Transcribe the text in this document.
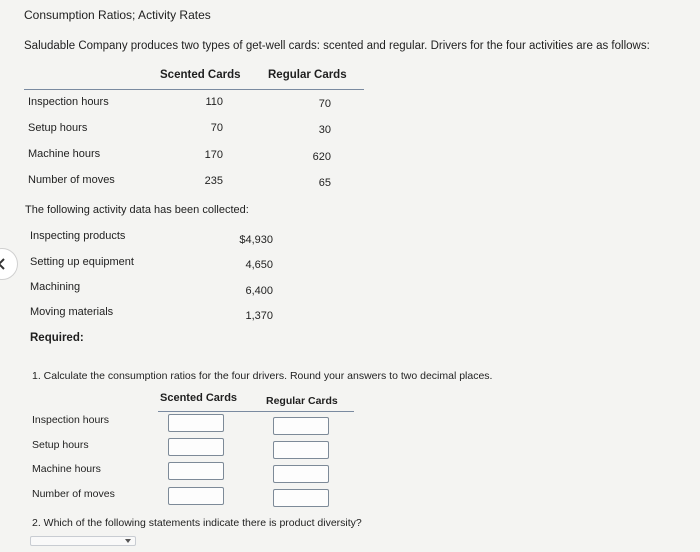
Consumption Ratios; Activity Rates
Saludable Company produces two types of get-well cards: scented and regular. Drivers for the four activities are as follows:
Scented Cards Regular Cards
Inspection hours	110	70
Setup hours	70	30
Machine hours	170	620
Number of moves	235	65
The following activity data has been collected:
Inspecting products	$4,930
Setting up equipment	4,650
Machining	6,400
Moving materials	1,370
Required:
1. Calculate the consumption ratios for the four drivers. Round your answers to two decimal places.
Scented Cards	Regular Cards
Inspection hours
Setup hours
Machine hours
Number of moves
2. Which of the following statements indicate there is product diversity?
